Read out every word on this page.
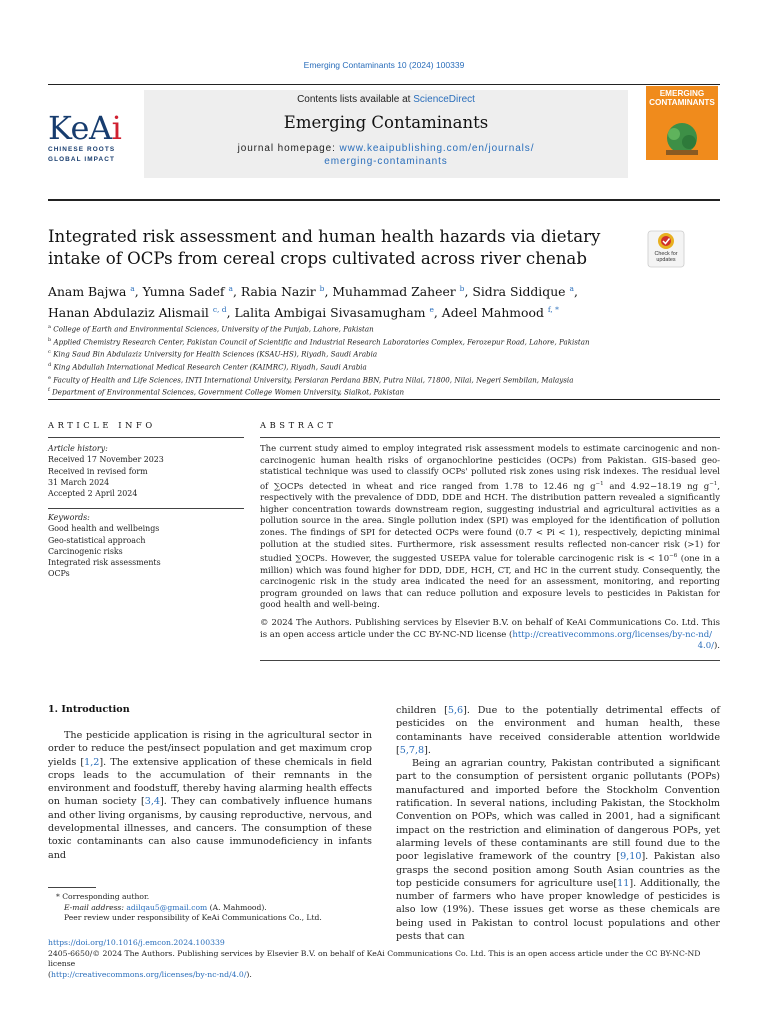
Emerging Contaminants 10 (2024) 100339
KeAi
CHINESE ROOTS
GLOBAL IMPACT
Contents lists available at ScienceDirect
Emerging Contaminants
journal homepage: www.keaipublishing.com/en/journals/
emerging-contaminants
EMERGING
CONTAMINANTS
Integrated risk assessment and human health hazards via dietary
intake of OCPs from cereal crops cultivated across river chenab	Check for
updates
Anam Bajwa $^a$, Yumna Sadef $^a$, Rabia Nazir $^b$, Muhammad Zaheer $^b$, Sidra Siddique $^a$,
Hanan Abdulaziz Alismail $^{c, d}$, Lalita Ambigai Sivasamugham $^e$, Adeel Mahmood $^{f, *}$
$^a$ College of Earth and Environmental Sciences, University of the Punjab, Lahore, Pakistan
$^b$ Applied Chemistry Research Center, Pakistan Council of Scientific and Industrial Research Laboratories Complex, Ferozepur Road, Lahore, Pakistan
$^c$ King Saud Bin Abdulaziz University for Health Sciences (KSAU-HS), Riyadh, Saudi Arabia
$^d$ King Abdullah International Medical Research Center (KAIMRC), Riyadh, Saudi Arabia
$^e$ Faculty of Health and Life Sciences, INTI International University, Persiaran Perdana BBN, Putra Nilai, 71800, Nilai, Negeri Sembilan, Malaysia
$^f$ Department of Environmental Sciences, Government College Women University, Sialkot, Pakistan
ARTICLE INFO	ABSTRACT
Article history:
Received 17 November 2023
Received in revised form
31 March 2024
Accepted 2 April 2024
Keywords:
Good health and wellbeings
Geo-statistical approach
Carcinogenic risks
Integrated risk assessments
OCPs
The current study aimed to employ integrated risk assessment models to estimate carcinogenic and non-carcinogenic human health risks of organochlorine pesticides (OCPs) from Pakistan. GIS-based geo-statistical technique was used to classify OCPs' polluted risk zones using risk indexes. The residual level of ∑OCPs detected in wheat and rice ranged from 1.78 to 12.46 ng $g^{-1}$ and 4.92−18.19 ng $g^{-1}$, respectively with the prevalence of DDD, DDE and HCH. The distribution pattern revealed a significantly higher concentration towards downstream region, suggesting industrial and agricultural activities as a pollution source in the area. Single pollution index (SPI) was employed for the identification of pollution zones. The findings of SPI for detected OCPs were found (0.7 < Pi < 1), respectively, depicting minimal pollution at the studied sites. Furthermore, risk assessment results reflected non-cancer risk (>1) for studied ∑OCPs. However, the suggested USEPA value for tolerable carcinogenic risk is < $10^{-6}$ (one in a million) which was found higher for DDD, DDE, HCH, CT, and HC in the current study. Consequently, the carcinogenic risk in the study area indicated the need for an assessment, monitoring, and reporting program grounded on laws that can reduce pollution and exposure levels to pesticides in Pakistan for good health and well-being.
© 2024 The Authors. Publishing services by Elsevier B.V. on behalf of KeAi Communications Co. Ltd. This is an open access article under the CC BY-NC-ND license (http://creativecommons.org/licenses/by-nc-nd/
4.0/).
1. Introduction
The pesticide application is rising in the agricultural sector in order to reduce the pest/insect population and get maximum crop yields [1,2]. The extensive application of these chemicals in field crops leads to the accumulation of their remnants in the environment and foodstuff, thereby having alarming health effects on human society [3,4]. They can combatively influence humans and other living organisms, by causing reproductive, nervous, and developmental illnesses, and cancers. The consumption of these toxic contaminants can also cause immunodeficiency in infants and
children [5,6]. Due to the potentially detrimental effects of pesticides on the environment and human health, these contaminants have received considerable attention worldwide [5,7,8].
Being an agrarian country, Pakistan contributed a significant part to the consumption of persistent organic pollutants (POPs) manufactured and imported before the Stockholm Convention ratification. In several nations, including Pakistan, the Stockholm Convention on POPs, which was called in 2001, had a significant impact on the restriction and elimination of dangerous POPs, yet alarming levels of these contaminants are still found due to the poor legislative framework of the country [9,10]. Pakistan also grasps the second position among South Asian countries as the top pesticide consumers for agriculture use[11]. Additionally, the number of farmers who have proper knowledge of pesticides is also low (19%). These issues get worse as these chemicals are being used in Pakistan to control locust populations and other pests that can
* Corresponding author.
E-mail address: adilqau5@gmail.com (A. Mahmood).
Peer review under responsibility of KeAi Communications Co., Ltd.
https://doi.org/10.1016/j.emcon.2024.100339
2405-6650/© 2024 The Authors. Publishing services by Elsevier B.V. on behalf of KeAi Communications Co. Ltd. This is an open access article under the CC BY-NC-ND license
(http://creativecommons.org/licenses/by-nc-nd/4.0/).
